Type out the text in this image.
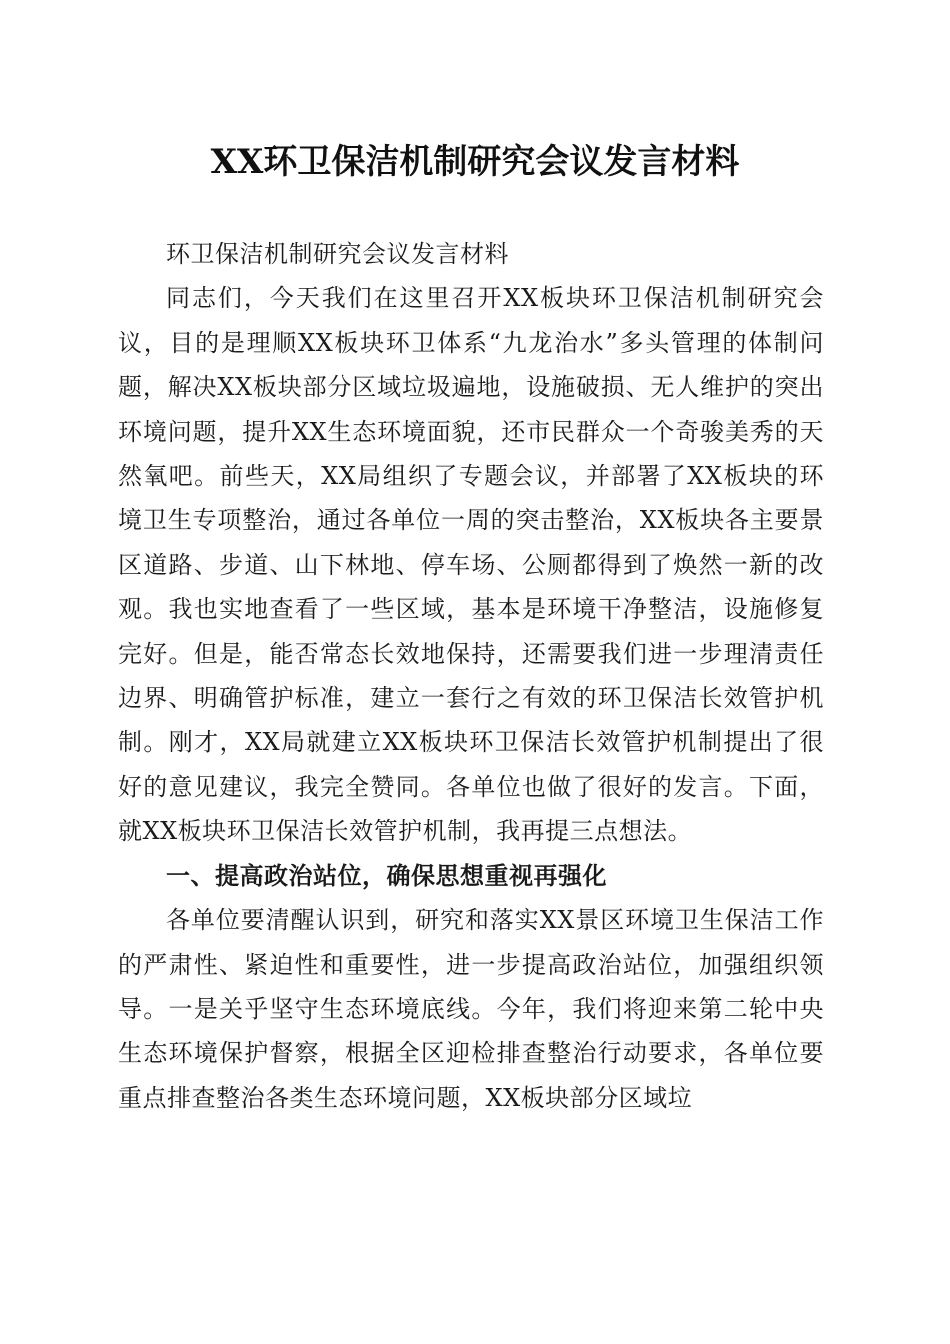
XX环卫保洁机制研究会议发言材料

环卫保洁机制研究会议发言材料

同志们，今天我们在这里召开XX板块环卫保洁机制研究会议，目的是理顺XX板块环卫体系“九龙治水”多头管理的体制问题，解决XX板块部分区域垃圾遍地，设施破损、无人维护的突出环境问题，提升XX生态环境面貌，还市民群众一个奇骏美秀的天然氧吧。前些天，XX局组织了专题会议，并部署了XX板块的环境卫生专项整治，通过各单位一周的突击整治，XX板块各主要景区道路、步道、山下林地、停车场、公厕都得到了焕然一新的改观。我也实地查看了一些区域，基本是环境干净整洁，设施修复完好。但是，能否常态长效地保持，还需要我们进一步理清责任边界、明确管护标准，建立一套行之有效的环卫保洁长效管护机制。刚才，XX局就建立XX板块环卫保洁长效管护机制提出了很好的意见建议，我完全赞同。各单位也做了很好的发言。下面，就XX板块环卫保洁长效管护机制，我再提三点想法。

一、提高政治站位，确保思想重视再强化

各单位要清醒认识到，研究和落实XX景区环境卫生保洁工作的严肃性、紧迫性和重要性，进一步提高政治站位，加强组织领导。一是关乎坚守生态环境底线。今年，我们将迎来第二轮中央生态环境保护督察，根据全区迎检排查整治行动要求，各单位要重点排查整治各类生态环境问题，XX板块部分区域垃
